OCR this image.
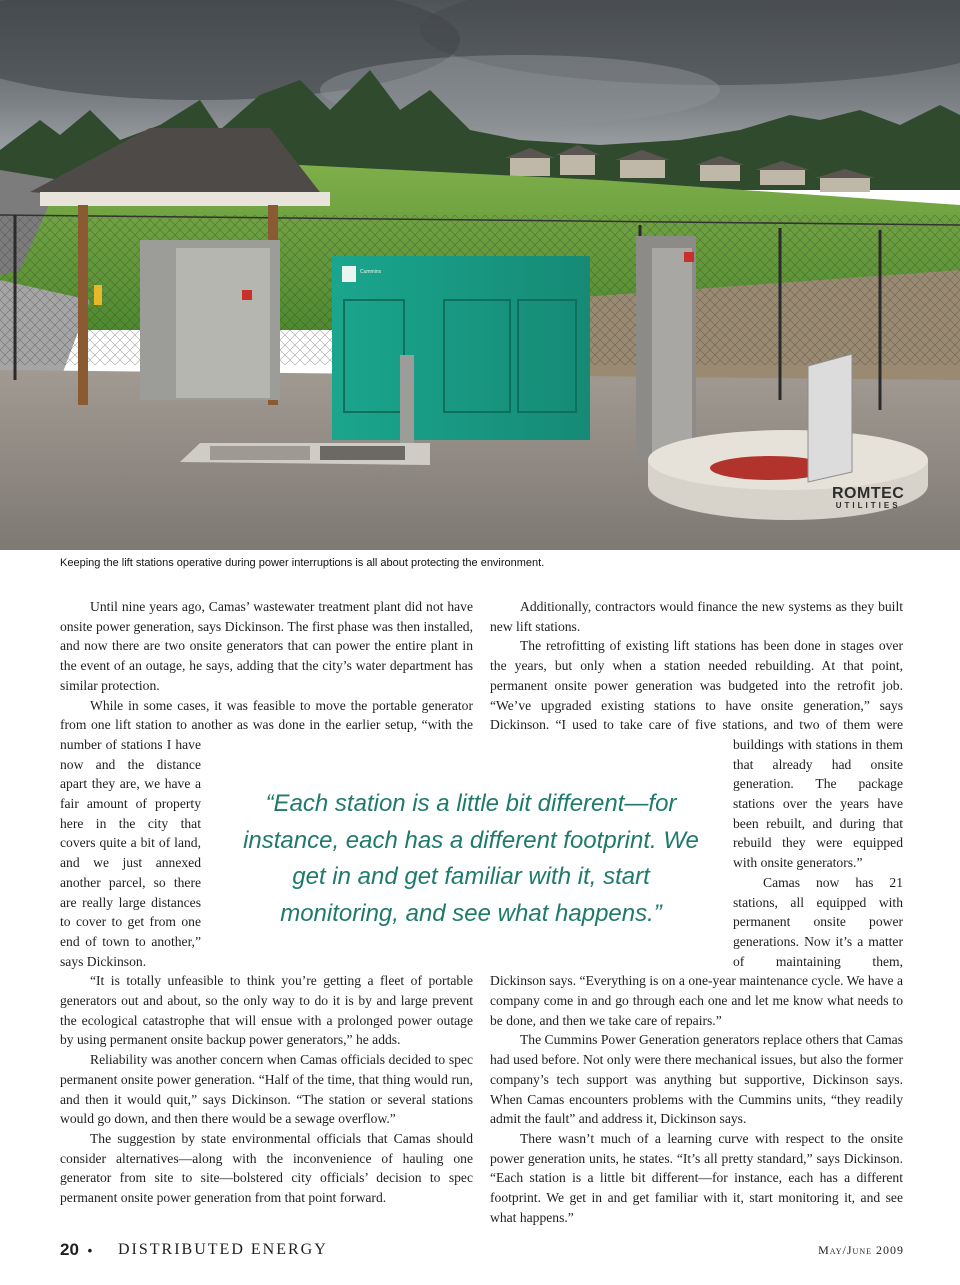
ROMTEC
UTILITIES
Cummins
Keeping the lift stations operative during power interruptions is all about protecting the environment.

Until nine years ago, Camas’ wastewater treatment plant did not have onsite power generation, says Dickinson. The first phase was then installed, and now there are two onsite generators that can power the entire plant in the event of an outage, he says, adding that the city’s water department has similar protection.

While in some cases, it was feasible to move the portable generator from one lift station to another as was done in the earlier setup, “with the number of stations I have now and the distance apart they are, we have a fair amount of property here in the city that covers quite a bit of land, and we just annexed another parcel, so there are really large distances to cover to get from one end of town to another,” says Dickinson.

“It is totally unfeasible to think you’re getting a fleet of portable generators out and about, so the only way to do it is by and large prevent the ecological catastrophe that will ensue with a prolonged power outage by using permanent onsite backup power generators,” he adds.

Reliability was another concern when Camas officials decided to spec permanent onsite power generation. “Half of the time, that thing would run, and then it would quit,” says Dickinson. “The station or several stations would go down, and then there would be a sewage overflow.”

The suggestion by state environmental officials that Camas should consider alternatives—along with the inconvenience of hauling one generator from site to site—bolstered city officials’ decision to spec permanent onsite power generation from that point forward.

Additionally, contractors would finance the new systems as they built new lift stations.

The retrofitting of existing lift stations has been done in stages over the years, but only when a station needed rebuilding. At that point, permanent onsite power generation was budgeted into the retrofit job. “We’ve upgraded existing stations to have onsite generation,” says Dickinson. “I used to take care of five stations, and two of them were buildings with stations in them that already had onsite generation. The package stations over the years have been rebuilt, and during that rebuild they were equipped with onsite generators.”

Camas now has 21 stations, all equipped with permanent onsite power generations. Now it’s a matter of maintaining them, Dickinson says. “Everything is on a one-year maintenance cycle. We have a company come in and go through each one and let me know what needs to be done, and then we take care of repairs.”

The Cummins Power Generation generators replace others that Camas had used before. Not only were there mechanical issues, but also the former company’s tech support was anything but supportive, Dickinson says. When Camas encounters problems with the Cummins units, “they readily admit the fault” and address it, Dickinson says.

There wasn’t much of a learning curve with respect to the onsite power generation units, he states. “It’s all pretty standard,” says Dickinson. “Each station is a little bit different—for instance, each has a different footprint. We get in and get familiar with it, start monitoring it, and see what happens.”

“Each station is a little bit different—for instance, each has a different footprint. We get in and get familiar with it, start monitoring, and see what happens.”
20 • DISTRIBUTED ENERGY	May/June 2009
